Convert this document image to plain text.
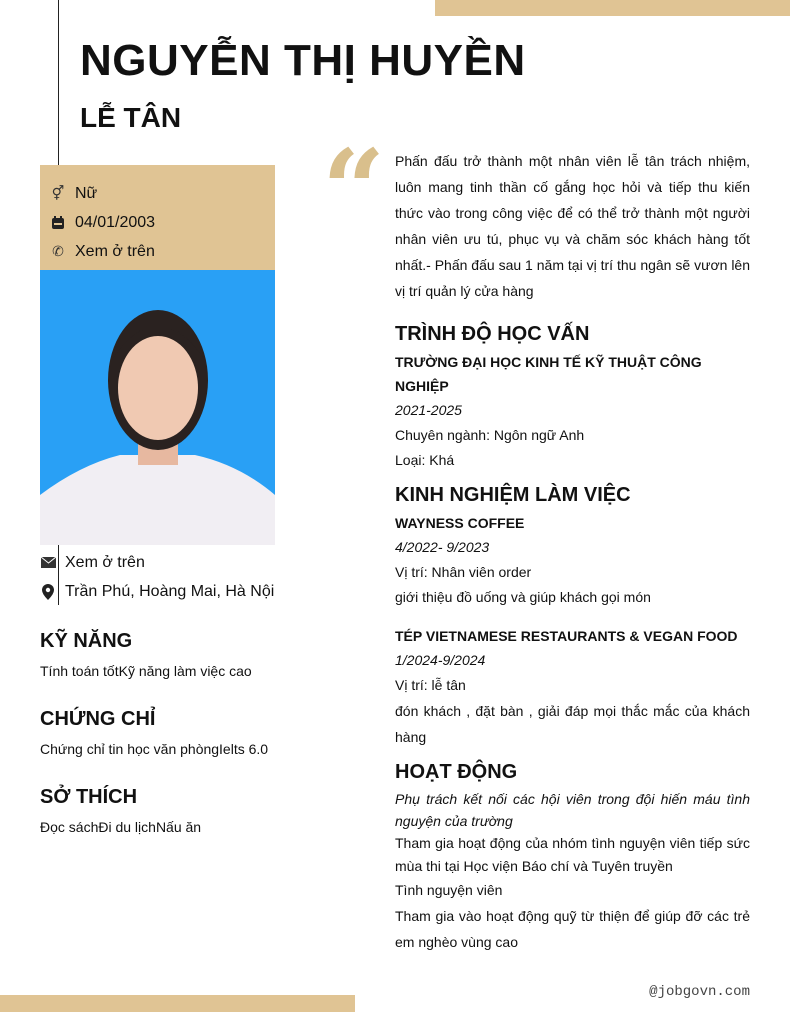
NGUYỄN THỊ HUYỀN
LỄ TÂN
⚥ Nữ
04/01/2003
✆ Xem ở trên
Xem ở trên
Trần Phú, Hoàng Mai, Hà Nội
KỸ NĂNG

Tính toán tốtKỹ năng làm việc cao

CHỨNG CHỈ

Chứng chỉ tin học văn phòngIelts 6.0

SỞ THÍCH

Đọc sáchĐi du lịchNấu ăn

“ Phấn đấu trở thành một nhân viên lễ tân trách nhiệm, luôn mang tinh thần cố gắng học hỏi và tiếp thu kiến thức vào trong công việc để có thể trở thành một người nhân viên ưu tú, phục vụ và chăm sóc khách hàng tốt nhất.- Phấn đấu sau 1 năm tại vị trí thu ngân sẽ vươn lên vị trí quản lý cửa hàng

TRÌNH ĐỘ HỌC VẤN
TRƯỜNG ĐẠI HỌC KINH TẾ KỸ THUẬT CÔNG NGHIỆP
2021-2025
Chuyên ngành: Ngôn ngữ Anh
Loại: Khá
KINH NGHIỆM LÀM VIỆC
WAYNESS COFFEE
4/2022- 9/2023
Vị trí: Nhân viên order
giới thiệu đồ uống và giúp khách gọi món
TÉP VIETNAMESE RESTAURANTS & VEGAN FOOD
1/2024-9/2024
Vị trí: lễ tân
đón khách , đặt bàn , giải đáp mọi thắc mắc của khách hàng
HOẠT ĐỘNG
Phụ trách kết nối các hội viên trong đội hiến máu tình nguyện của trường
Tham gia hoạt động của nhóm tình nguyện viên tiếp sức mùa thi tại Học viện Báo chí và Tuyên truyền
Tình nguyện viên
Tham gia vào hoạt động quỹ từ thiện để giúp đỡ các trẻ em nghèo vùng cao
@jobgovn.com
